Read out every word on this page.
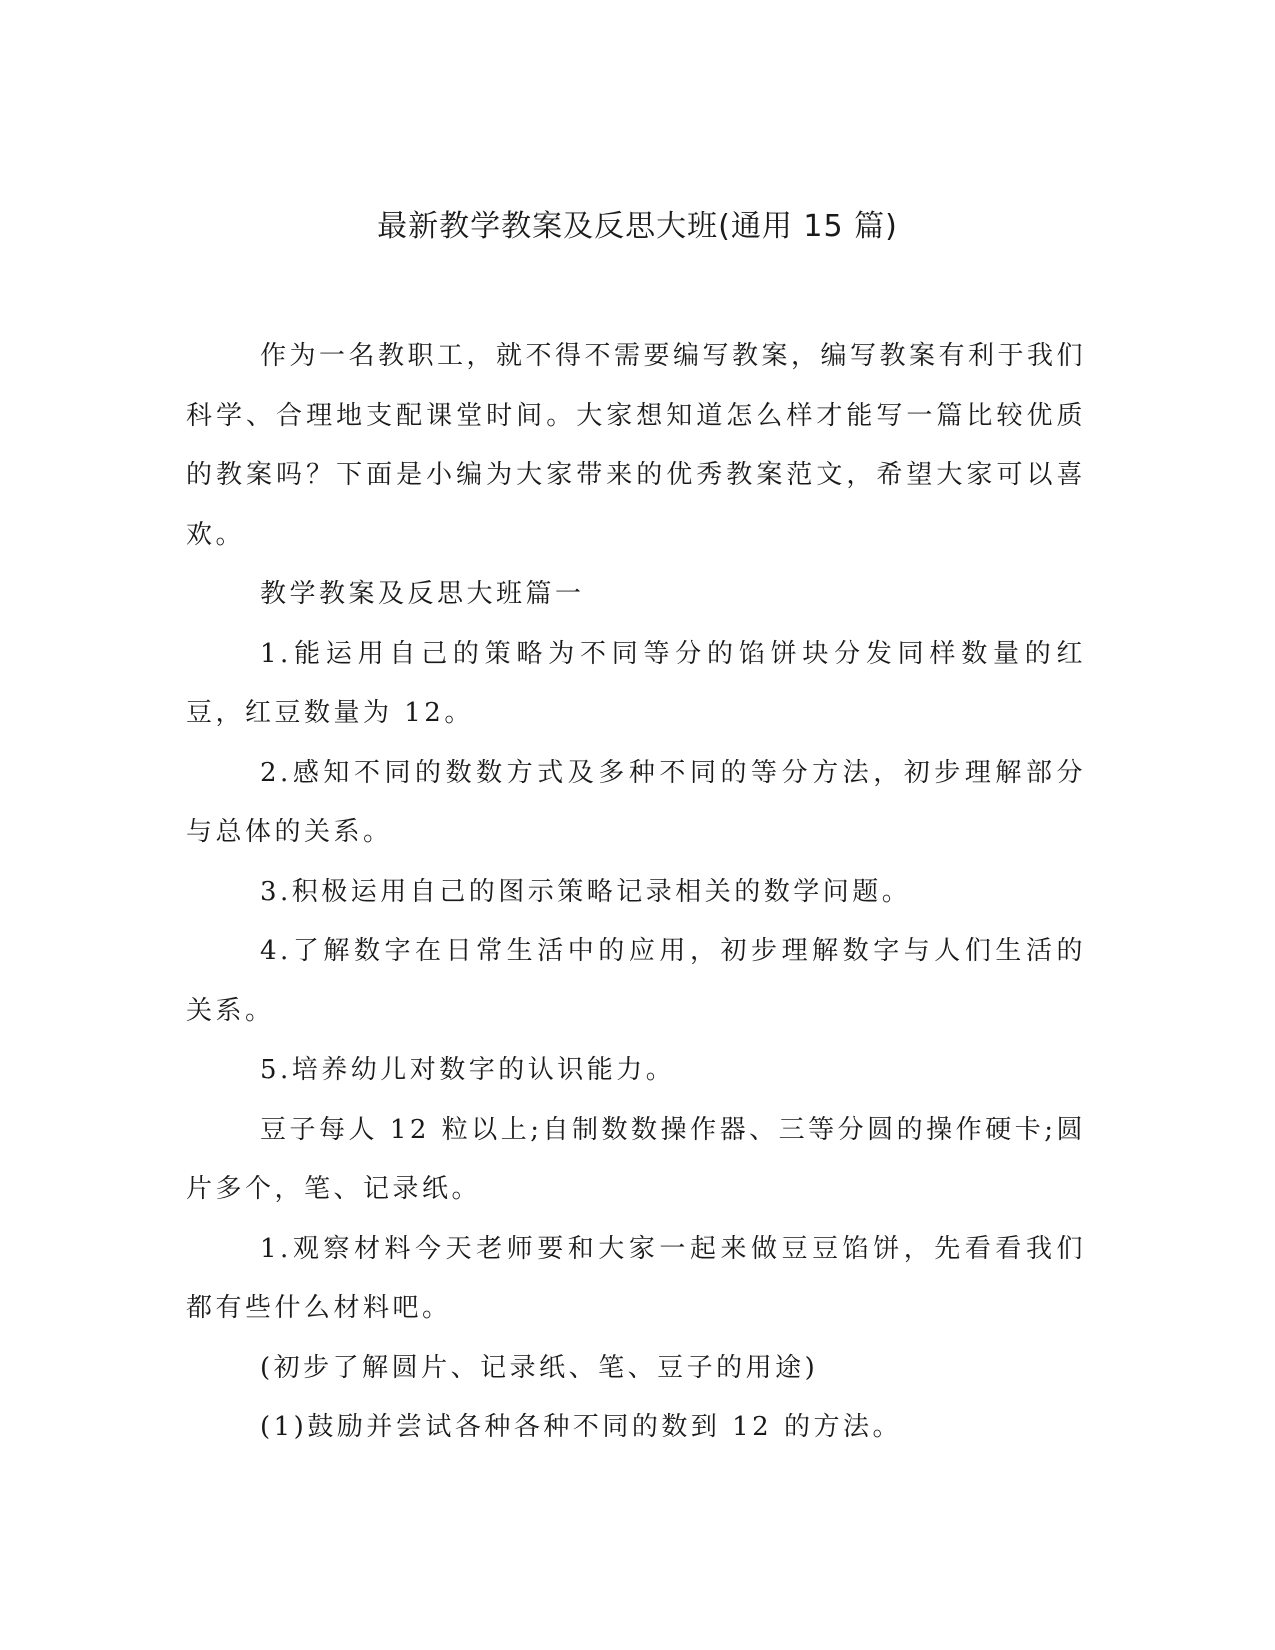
最新教学教案及反思大班(通用 15 篇)

作为一名教职工，就不得不需要编写教案，编写教案有利于我们科学、合理地支配课堂时间。大家想知道怎么样才能写一篇比较优质的教案吗？下面是小编为大家带来的优秀教案范文，希望大家可以喜欢。

教学教案及反思大班篇一

1.能运用自己的策略为不同等分的馅饼块分发同样数量的红豆，红豆数量为 12。

2.感知不同的数数方式及多种不同的等分方法，初步理解部分与总体的关系。

3.积极运用自己的图示策略记录相关的数学问题。

4.了解数字在日常生活中的应用，初步理解数字与人们生活的关系。

5.培养幼儿对数字的认识能力。

豆子每人 12 粒以上;自制数数操作器、三等分圆的操作硬卡;圆片多个，笔、记录纸。

1.观察材料今天老师要和大家一起来做豆豆馅饼，先看看我们都有些什么材料吧。

(初步了解圆片、记录纸、笔、豆子的用途)

(1)鼓励并尝试各种各种不同的数到 12 的方法。
